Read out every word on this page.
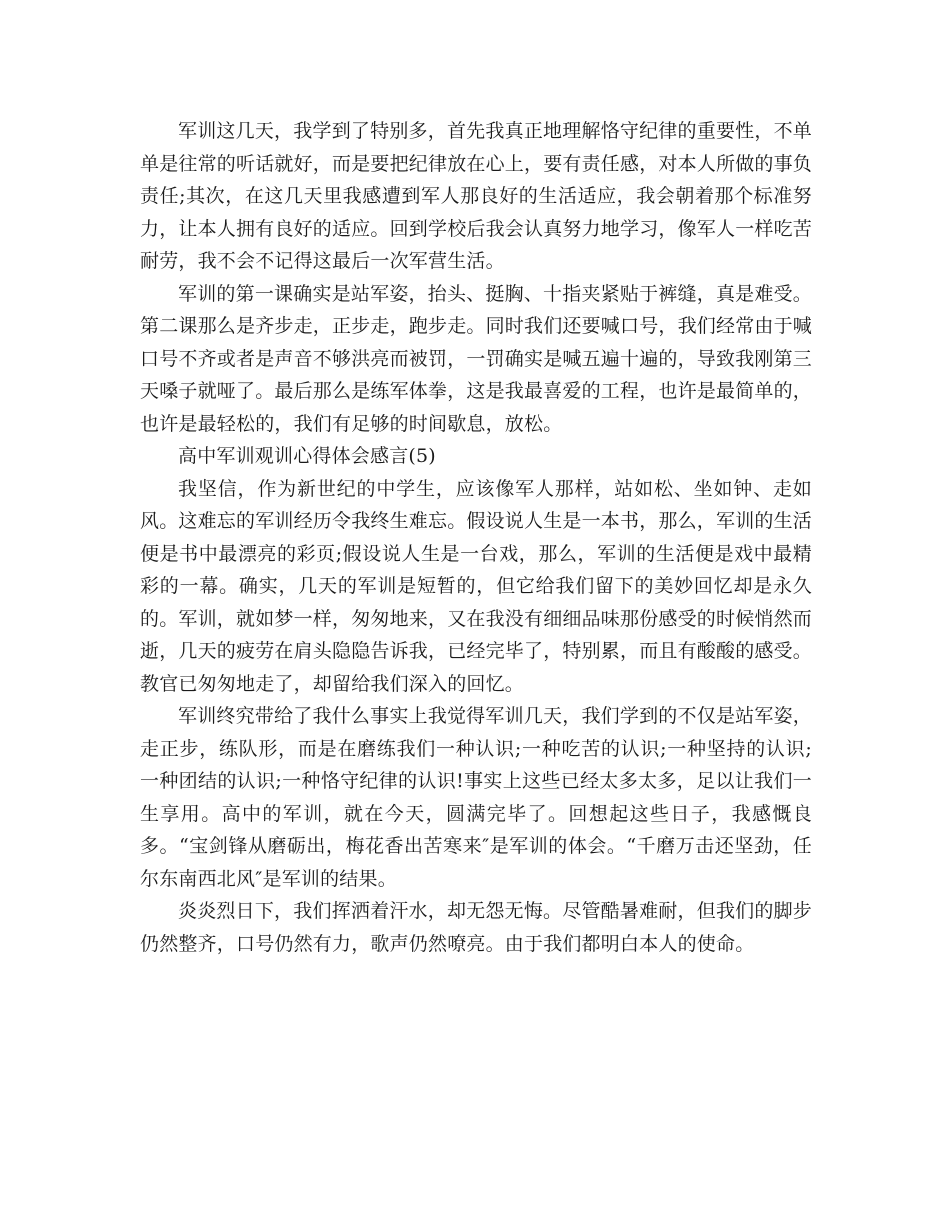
军训这几天，我学到了特别多，首先我真正地理解恪守纪律的重要性，不单单是往常的听话就好，而是要把纪律放在心上，要有责任感，对本人所做的事负责任;其次，在这几天里我感遭到军人那良好的生活适应，我会朝着那个标准努力，让本人拥有良好的适应。回到学校后我会认真努力地学习，像军人一样吃苦耐劳，我不会不记得这最后一次军营生活。

军训的第一课确实是站军姿，抬头、挺胸、十指夹紧贴于裤缝，真是难受。第二课那么是齐步走，正步走，跑步走。同时我们还要喊口号，我们经常由于喊口号不齐或者是声音不够洪亮而被罚，一罚确实是喊五遍十遍的，导致我刚第三天嗓子就哑了。最后那么是练军体拳，这是我最喜爱的工程，也许是最简单的，也许是最轻松的，我们有足够的时间歇息，放松。

高中军训观训心得体会感言(5)

我坚信，作为新世纪的中学生，应该像军人那样，站如松、坐如钟、走如风。这难忘的军训经历令我终生难忘。假设说人生是一本书，那么，军训的生活便是书中最漂亮的彩页;假设说人生是一台戏，那么，军训的生活便是戏中最精彩的一幕。确实，几天的军训是短暂的，但它给我们留下的美妙回忆却是永久的。军训，就如梦一样，匆匆地来，又在我没有细细品味那份感受的时候悄然而逝，几天的疲劳在肩头隐隐告诉我，已经完毕了，特别累，而且有酸酸的感受。教官已匆匆地走了，却留给我们深入的回忆。

军训终究带给了我什么事实上我觉得军训几天，我们学到的不仅是站军姿，走正步，练队形，而是在磨练我们一种认识;一种吃苦的认识;一种坚持的认识;一种团结的认识;一种恪守纪律的认识!事实上这些已经太多太多，足以让我们一生享用。高中的军训，就在今天，圆满完毕了。回想起这些日子，我感慨良多。“宝剑锋从磨砺出，梅花香出苦寒来″是军训的体会。“千磨万击还坚劲，任尔东南西北风″是军训的结果。

炎炎烈日下，我们挥洒着汗水，却无怨无悔。尽管酷暑难耐，但我们的脚步仍然整齐，口号仍然有力，歌声仍然嘹亮。由于我们都明白本人的使命。
